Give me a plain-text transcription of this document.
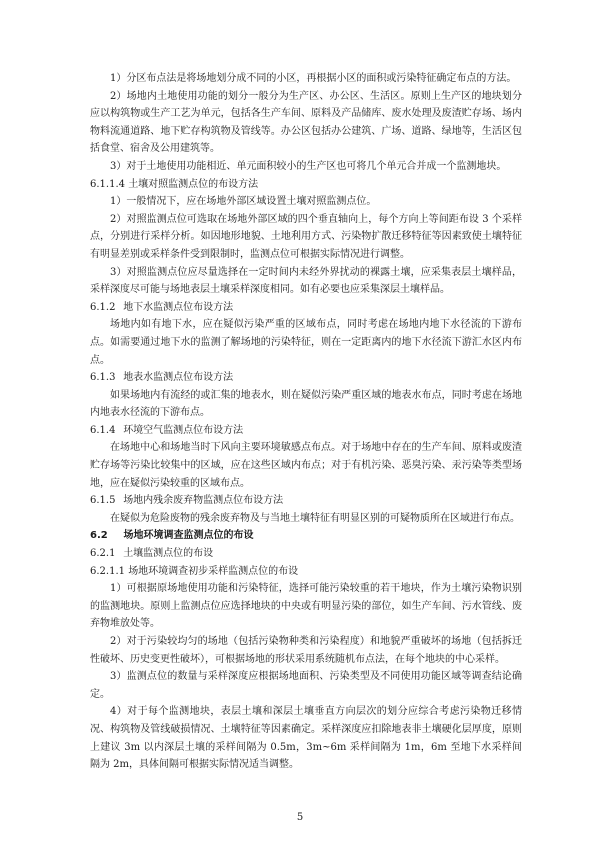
1）分区布点法是将场地划分成不同的小区，再根据小区的面积或污染特征确定布点的方法。

2）场地内土地使用功能的划分一般分为生产区、办公区、生活区。原则上生产区的地块划分应以构筑物或生产工艺为单元，包括各生产车间、原料及产品储库、废水处理及废渣贮存场、场内物料流通道路、地下贮存构筑物及管线等。办公区包括办公建筑、广场、道路、绿地等，生活区包括食堂、宿舍及公用建筑等。

3）对于土地使用功能相近、单元面积较小的生产区也可将几个单元合并成一个监测地块。

6.1.1.4 土壤对照监测点位的布设方法

1）一般情况下，应在场地外部区域设置土壤对照监测点位。

2）对照监测点位可选取在场地外部区域的四个垂直轴向上，每个方向上等间距布设 3 个采样点，分别进行采样分析。如因地形地貌、土地利用方式、污染物扩散迁移特征等因素致使土壤特征有明显差别或采样条件受到限制时，监测点位可根据实际情况进行调整。

3）对照监测点位应尽量选择在一定时间内未经外界扰动的裸露土壤，应采集表层土壤样品，采样深度尽可能与场地表层土壤采样深度相同。如有必要也应采集深层土壤样品。

6.1.2 地下水监测点位布设方法

场地内如有地下水，应在疑似污染严重的区域布点，同时考虑在场地内地下水径流的下游布点。如需要通过地下水的监测了解场地的污染特征，则在一定距离内的地下水径流下游汇水区内布点。

6.1.3 地表水监测点位布设方法

如果场地内有流经的或汇集的地表水，则在疑似污染严重区域的地表水布点，同时考虑在场地内地表水径流的下游布点。

6.1.4 环境空气监测点位布设方法

在场地中心和场地当时下风向主要环境敏感点布点。对于场地中存在的生产车间、原料或废渣贮存场等污染比较集中的区域，应在这些区域内布点；对于有机污染、恶臭污染、汞污染等类型场地，应在疑似污染较重的区域布点。

6.1.5 场地内残余废弃物监测点位布设方法

在疑似为危险废物的残余废弃物及与当地土壤特征有明显区别的可疑物质所在区域进行布点。

6.2 场地环境调查监测点位的布设
6.2.1 土壤监测点位的布设
6.2.1.1 场地环境调查初步采样监测点位的布设

1）可根据原场地使用功能和污染特征，选择可能污染较重的若干地块，作为土壤污染物识别的监测地块。原则上监测点位应选择地块的中央或有明显污染的部位，如生产车间、污水管线、废弃物堆放处等。

2）对于污染较均匀的场地（包括污染物种类和污染程度）和地貌严重破坏的场地（包括拆迁性破坏、历史变更性破坏），可根据场地的形状采用系统随机布点法，在每个地块的中心采样。

3）监测点位的数量与采样深度应根据场地面积、污染类型及不同使用功能区域等调查结论确定。

4）对于每个监测地块，表层土壤和深层土壤垂直方向层次的划分应综合考虑污染物迁移情况、构筑物及管线破损情况、土壤特征等因素确定。采样深度应扣除地表非土壤硬化层厚度，原则上建议 3m 以内深层土壤的采样间隔为 0.5m，3m~6m 采样间隔为 1m，6m 至地下水采样间隔为 2m，具体间隔可根据实际情况适当调整。

5
